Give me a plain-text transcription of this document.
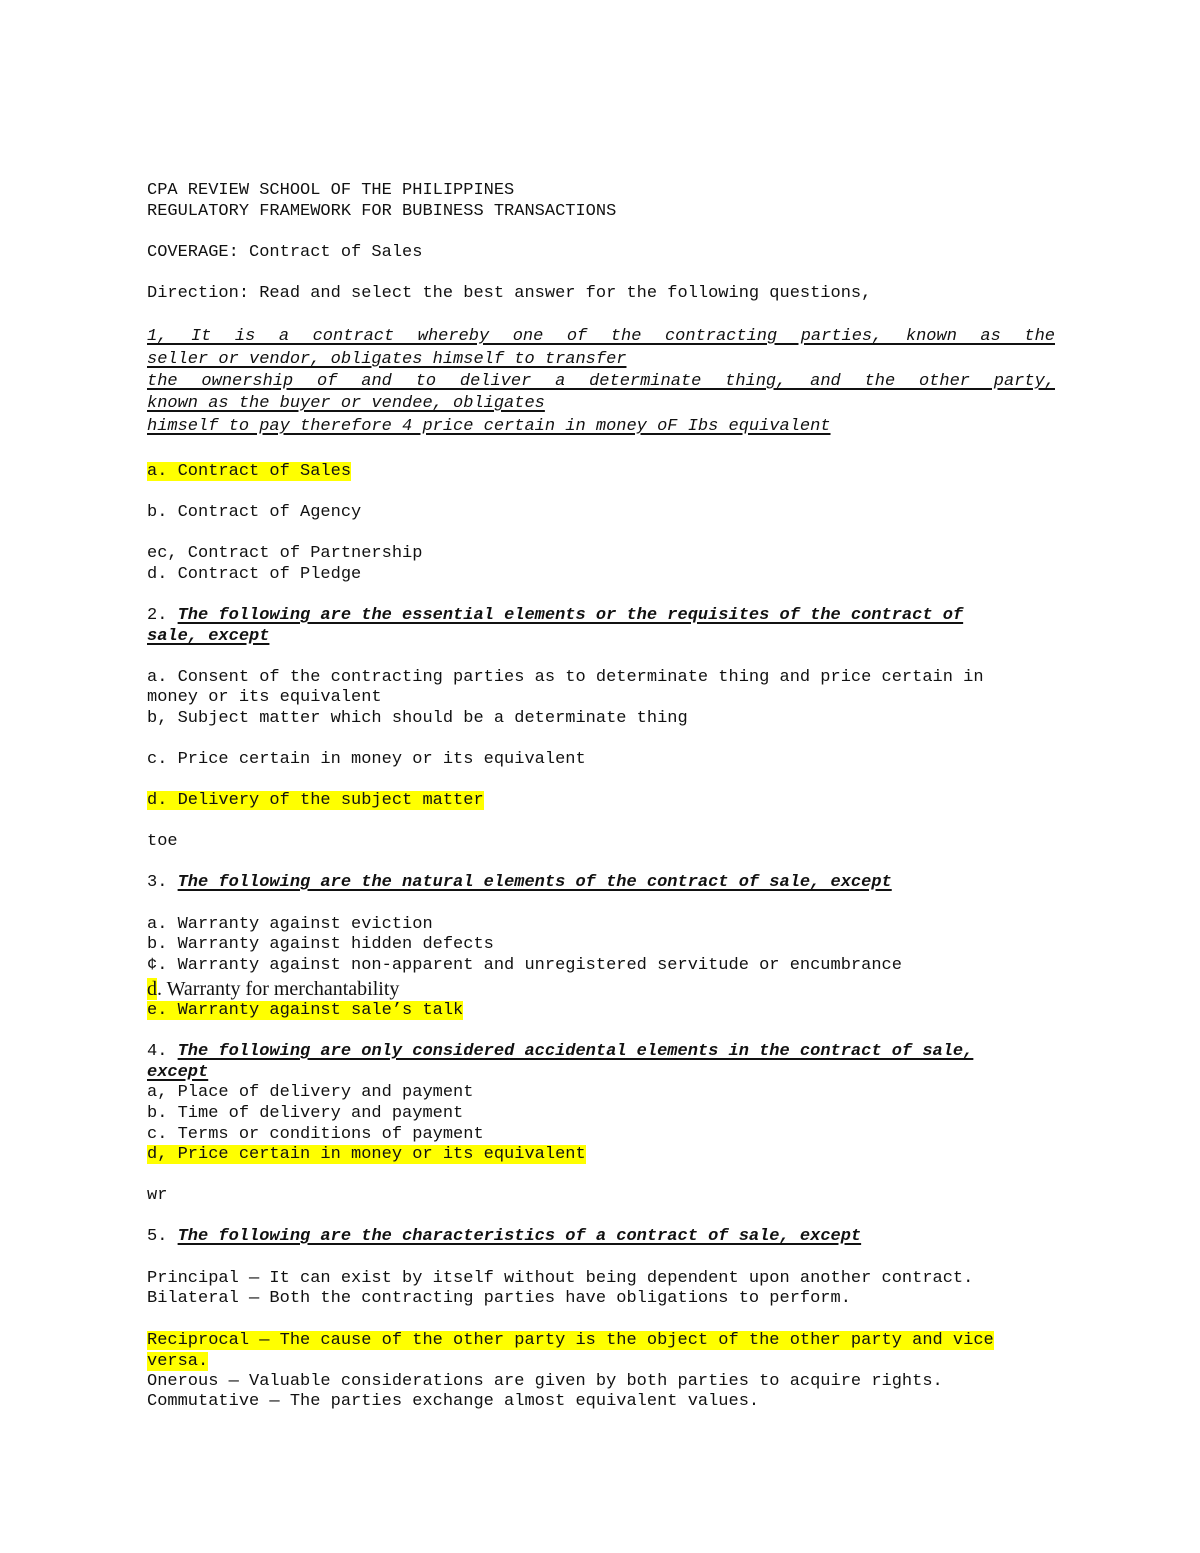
CPA REVIEW SCHOOL OF THE PHILIPPINES
REGULATORY FRAMEWORK FOR BUBINESS TRANSACTIONS
COVERAGE: Contract of Sales
Direction: Read and select the best answer for the following questions,
1, It is a contract whereby one of the contracting parties, known as the
seller or vendor, obligates himself to transfer
the ownership of and to deliver a determinate thing, and the other party,
known as the buyer or vendee, obligates
himself to pay therefore 4 price certain in money oF Ibs equivalent
a. Contract of Sales
b. Contract of Agency
ec, Contract of Partnership
d. Contract of Pledge
2. The following are the essential elements or the requisites of the contract of
sale, except
a. Consent of the contracting parties as to determinate thing and price certain in
money or its equivalent
b, Subject matter which should be a determinate thing
c. Price certain in money or its equivalent
d. Delivery of the subject matter
toe
3. The following are the natural elements of the contract of sale, except
a. Warranty against eviction
b. Warranty against hidden defects
¢. Warranty against non-apparent and unregistered servitude or encumbrance
d. Warranty for merchantability
e. Warranty against sale’s talk
4. The following are only considered accidental elements in the contract of sale,
except
a, Place of delivery and payment
b. Time of delivery and payment
c. Terms or conditions of payment
d, Price certain in money or its equivalent
wr
5. The following are the characteristics of a contract of sale, except
Principal — It can exist by itself without being dependent upon another contract.
Bilateral — Both the contracting parties have obligations to perform.
Reciprocal — The cause of the other party is the object of the other party and vice
versa.
Onerous — Valuable considerations are given by both parties to acquire rights.
Commutative — The parties exchange almost equivalent values.
